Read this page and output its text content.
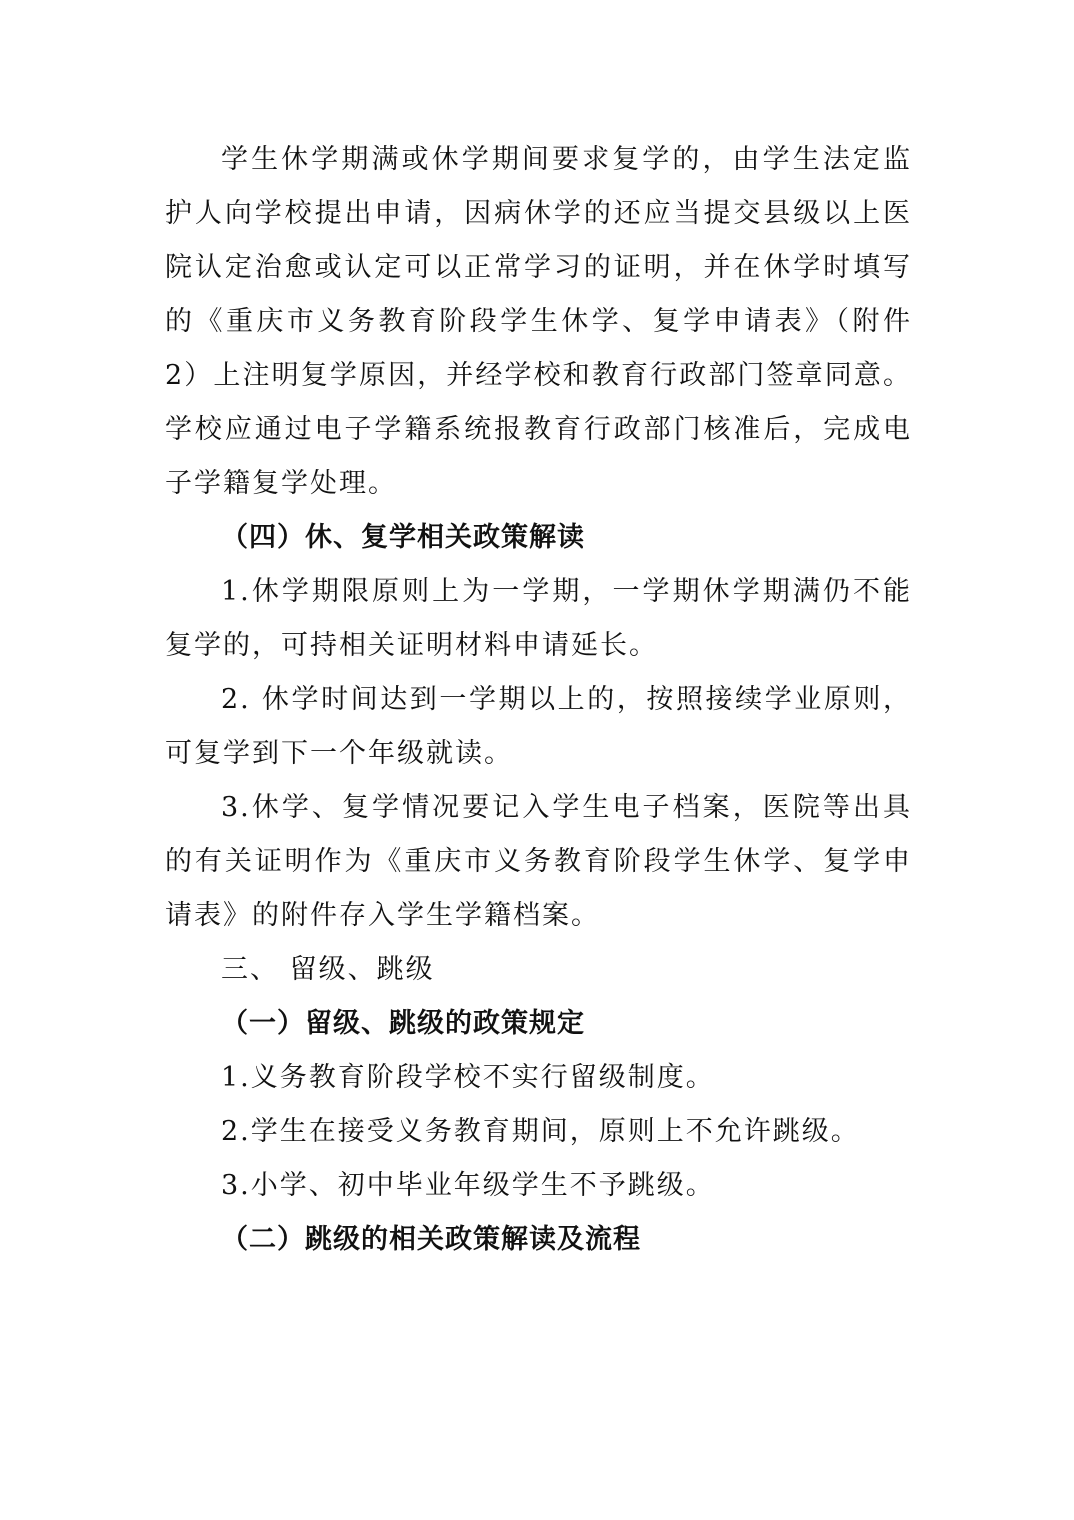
学生休学期满或休学期间要求复学的，由学生法定监护人向学校提出申请，因病休学的还应当提交县级以上医院认定治愈或认定可以正常学习的证明，并在休学时填写的《重庆市义务教育阶段学生休学、复学申请表》（附件 2）上注明复学原因，并经学校和教育行政部门签章同意。学校应通过电子学籍系统报教育行政部门核准后，完成电子学籍复学处理。

（四）休、复学相关政策解读

1.休学期限原则上为一学期，一学期休学期满仍不能复学的，可持相关证明材料申请延长。

2. 休学时间达到一学期以上的，按照接续学业原则，可复学到下一个年级就读。

3.休学、复学情况要记入学生电子档案，医院等出具的有关证明作为《重庆市义务教育阶段学生休学、复学申请表》的附件存入学生学籍档案。

三、 留级、跳级

（一）留级、跳级的政策规定

1.义务教育阶段学校不实行留级制度。

2.学生在接受义务教育期间，原则上不允许跳级。

3.小学、初中毕业年级学生不予跳级。

（二）跳级的相关政策解读及流程
